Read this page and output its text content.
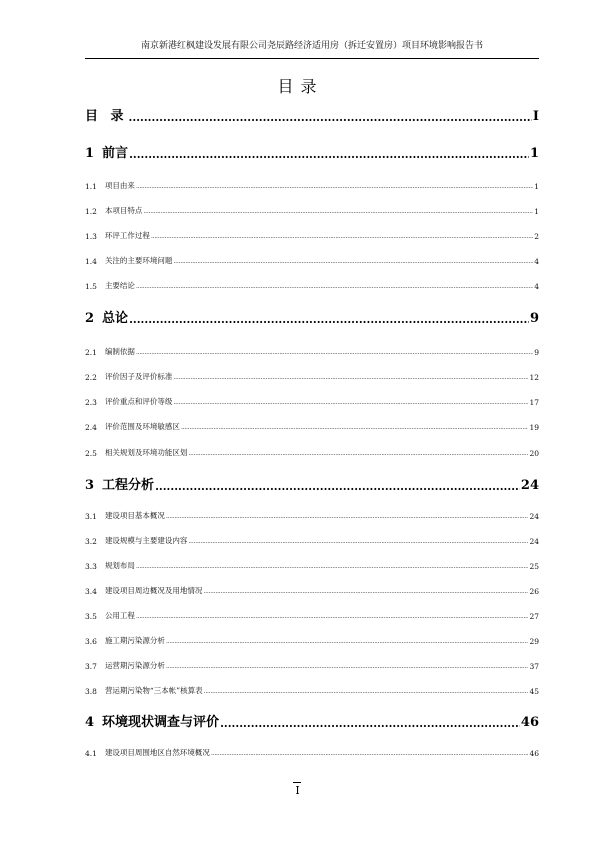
南京新港红枫建设发展有限公司尧辰路经济适用房（拆迁安置房）项目环境影响报告书
目 录
目 录 .....	I
1 前言 .....	1
1.1 项目由来 .....	1
1.2 本项目特点 .....	1
1.3 环评工作过程 .....	2
1.4 关注的主要环境问题 .....	4
1.5 主要结论 .....	4
2 总论 .....	9
2.1 编制依据 .....	9
2.2 评价因子及评价标准 .....	12
2.3 评价重点和评价等级 .....	17
2.4 评价范围及环境敏感区 .....	19
2.5 相关规划及环境功能区划 .....	20
3 工程分析 .....	24
3.1 建设项目基本概况 .....	24
3.2 建设规模与主要建设内容 .....	24
3.3 规划布局 .....	25
3.4 建设项目周边概况及用地情况 .....	26
3.5 公用工程 .....	27
3.6 施工期污染源分析 .....	29
3.7 运营期污染源分析 .....	37
3.8 营运期污染物“三本帐”核算表 .....	45
4 环境现状调查与评价 .....	46
4.1 建设项目周围地区自然环境概况 .....	46
I
